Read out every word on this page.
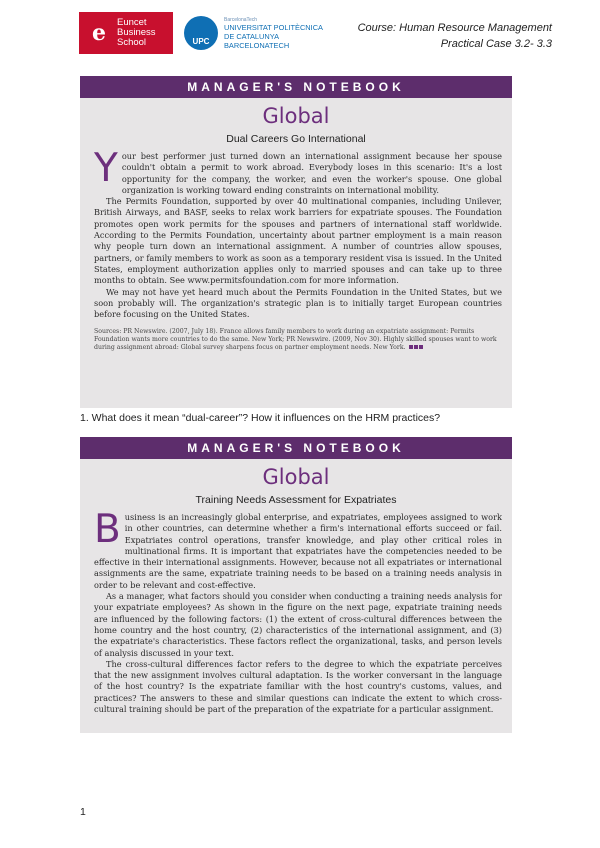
e	Euncet
Business
School	UPC
BarcelonaTech
UNIVERSITAT POLITÈCNICA
DE CATALUNYA
BARCELONATECH
Course: Human Resource Management
Practical Case 3.2- 3.3
MANAGER'S NOTEBOOK
Global
Dual Careers Go International

Your best performer just turned down an international assignment because her spouse couldn't obtain a permit to work abroad. Everybody loses in this scenario: It's a lost opportunity for the company, the worker, and even the worker's spouse. One global organization is working toward ending constraints on international mobility.

The Permits Foundation, supported by over 40 multinational companies, including Unilever, British Airways, and BASF, seeks to relax work barriers for expatriate spouses. The Foundation promotes open work permits for the spouses and partners of international staff worldwide. According to the Permits Foundation, uncertainty about partner employment is a main reason why people turn down an international assignment. A number of countries allow spouses, partners, or family members to work as soon as a temporary resident visa is issued. In the United States, employment authorization applies only to married spouses and can take up to three months to obtain. See www.permitsfoundation.com for more information.

We may not have yet heard much about the Permits Foundation in the United States, but we soon probably will. The organization's strategic plan is to initially target European countries before focusing on the United States.

Sources: PR Newswire. (2007, July 18). France allows family members to work during an expatriate assignment: Permits Foundation wants more countries to do the same. New York; PR Newswire. (2009, Nov 30). Highly skilled spouses want to work during assignment abroad: Global survey sharpens focus on partner employment needs. New York.
1. What does it mean “dual-career”? How it influences on the HRM practices?
MANAGER'S NOTEBOOK
Global
Training Needs Assessment for Expatriates

Business is an increasingly global enterprise, and expatriates, employees assigned to work in other countries, can determine whether a firm's international efforts succeed or fail. Expatriates control operations, transfer knowledge, and play other critical roles in multinational firms. It is important that expatriates have the competencies needed to be effective in their international assignments. However, because not all expatriates or international assignments are the same, expatriate training needs to be based on a training needs analysis in order to be relevant and cost-effective.

As a manager, what factors should you consider when conducting a training needs analysis for your expatriate employees? As shown in the figure on the next page, expatriate training needs are influenced by the following factors: (1) the extent of cross-cultural differences between the home country and the host country, (2) characteristics of the international assignment, and (3) the expatriate's characteristics. These factors reflect the organizational, tasks, and person levels of analysis discussed in your text.

The cross-cultural differences factor refers to the degree to which the expatriate perceives that the new assignment involves cultural adaptation. Is the worker conversant in the language of the host country? Is the expatriate familiar with the host country's customs, values, and practices? The answers to these and similar questions can indicate the extent to which cross-cultural training should be part of the preparation of the expatriate for a particular assignment.

1
